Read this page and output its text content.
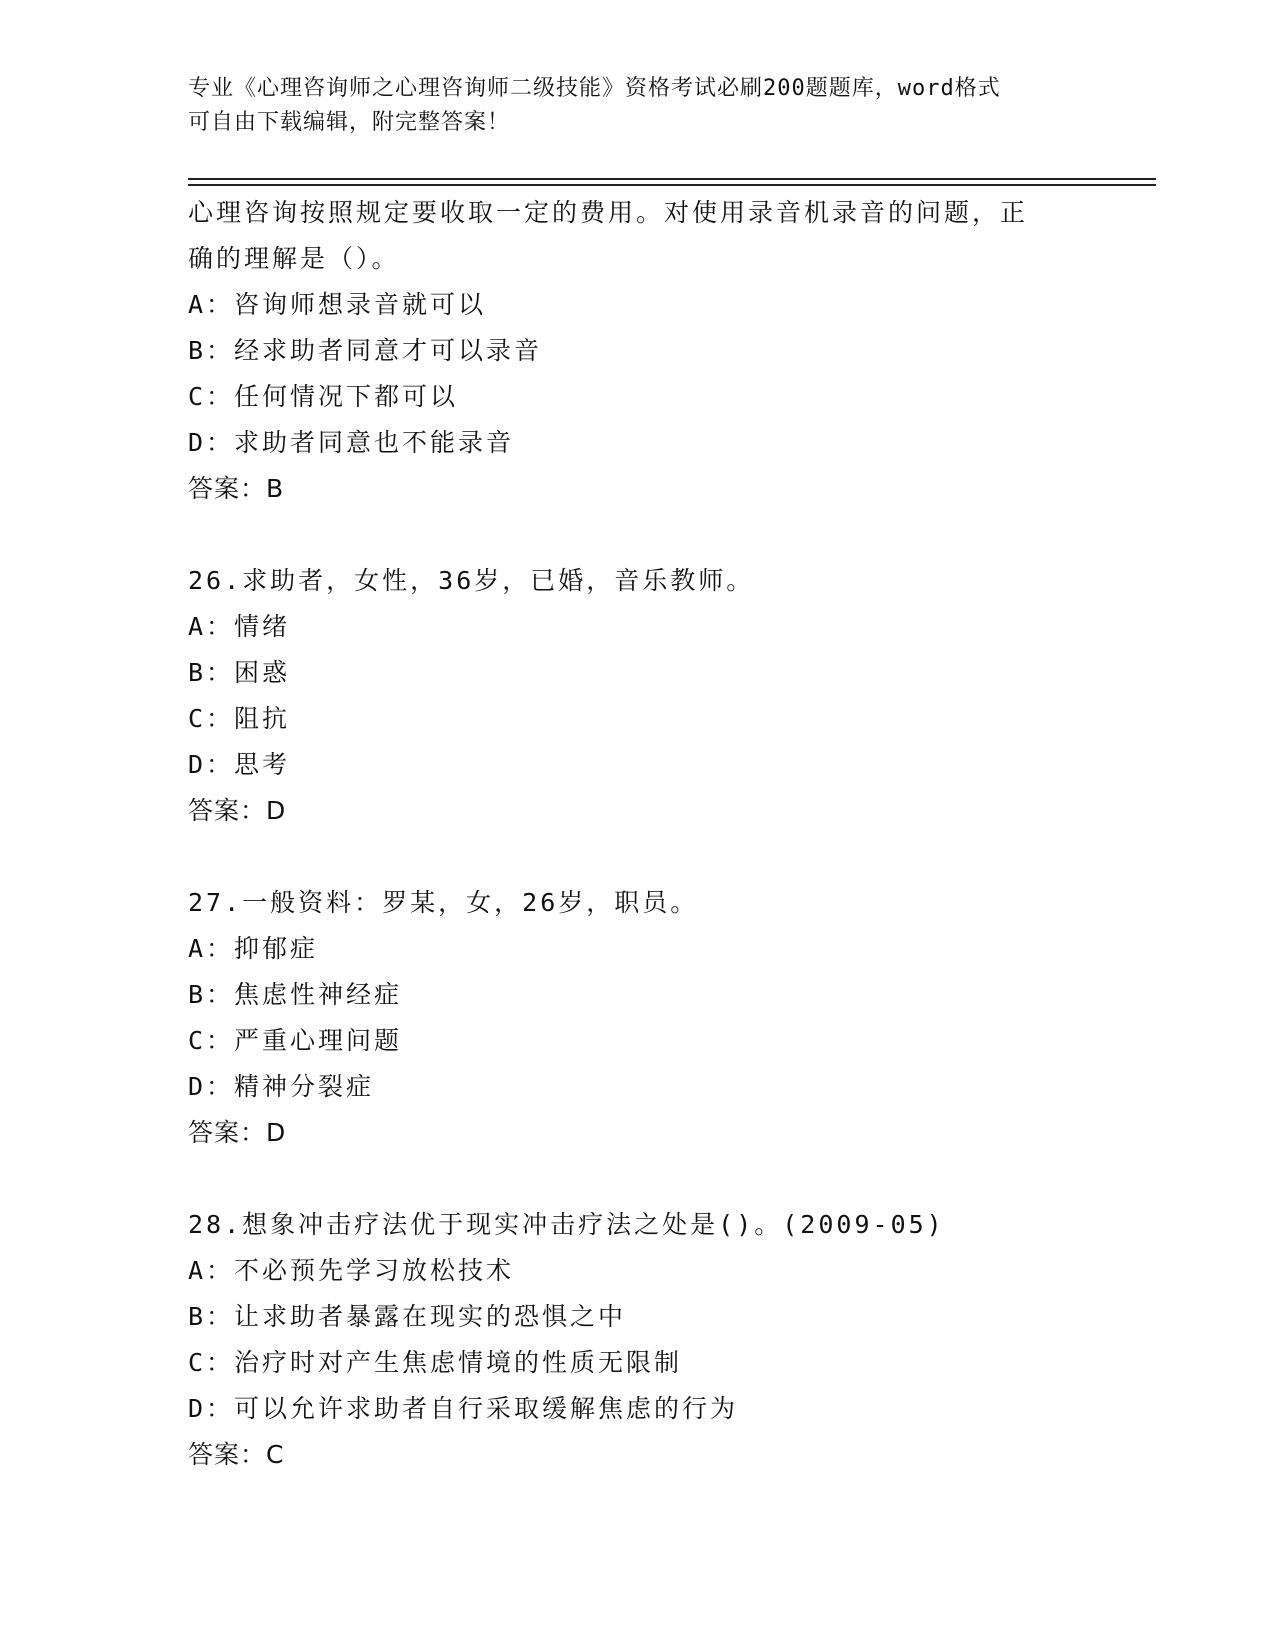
专业《心理咨询师之心理咨询师二级技能》资格考试必刷200题题库，word格式
可自由下载编辑，附完整答案！
心理咨询按照规定要收取一定的费用。对使用录音机录音的问题，正
确的理解是（）。
A：咨询师想录音就可以
B：经求助者同意才可以录音
C：任何情况下都可以
D：求助者同意也不能录音
答案：B
26.求助者，女性，36岁，已婚，音乐教师。
A：情绪
B：困惑
C：阻抗
D：思考
答案：D
27.一般资料：罗某，女，26岁，职员。
A：抑郁症
B：焦虑性神经症
C：严重心理问题
D：精神分裂症
答案：D
28.想象冲击疗法优于现实冲击疗法之处是()。(2009-05)
A：不必预先学习放松技术
B：让求助者暴露在现实的恐惧之中
C：治疗时对产生焦虑情境的性质无限制
D：可以允许求助者自行采取缓解焦虑的行为
答案：C
